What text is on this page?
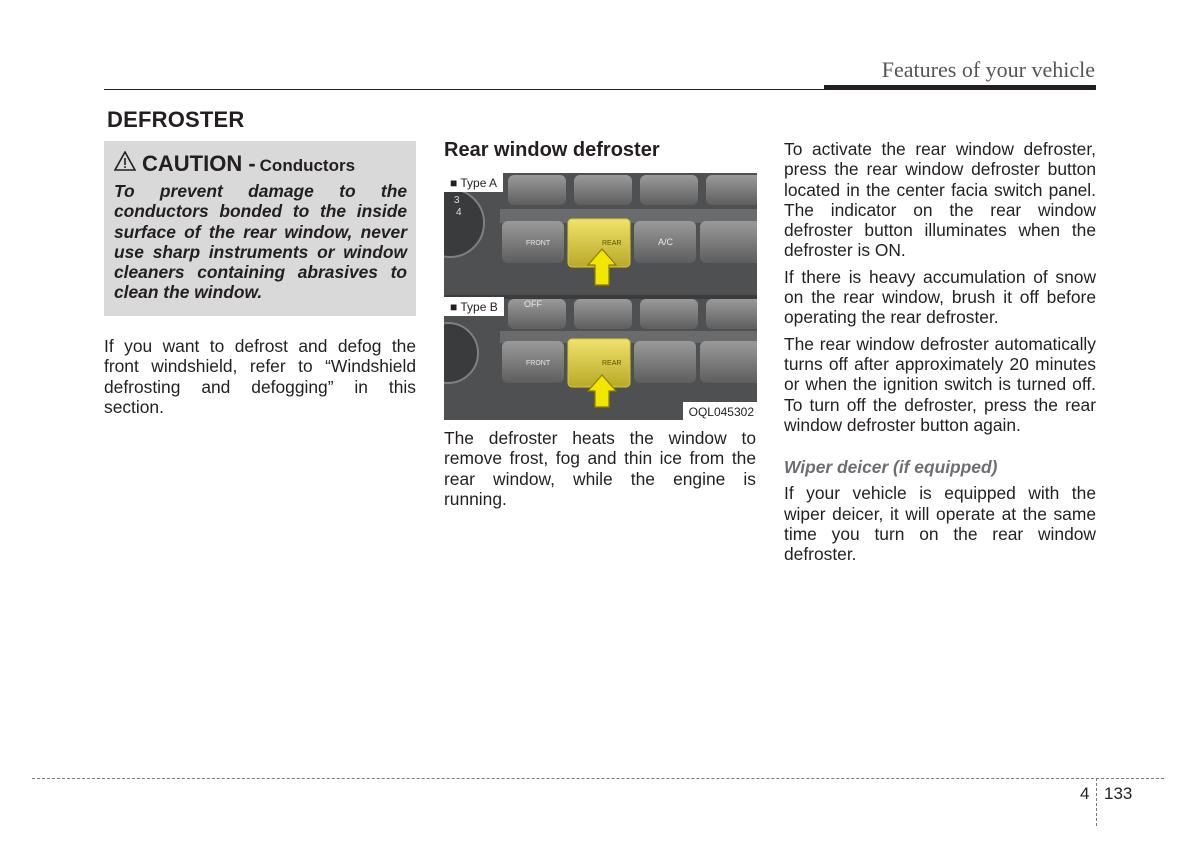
Features of your vehicle
DEFROSTER
CAUTION - Conductors
To prevent damage to the conductors bonded to the inside surface of the rear window, never use sharp instruments or window cleaners containing abrasives to clean the window.
If you want to defrost and defog the front windshield, refer to “Windshield defrosting and defogging” in this section.
Rear window defroster
3
4
FRONT	REAR	A/C
OFF
FRONT	REAR
■ Type A
■ Type B
OQL045302
The defroster heats the window to remove frost, fog and thin ice from the rear window, while the engine is running.

To activate the rear window defroster, press the rear window defroster button located in the center facia switch panel. The indicator on the rear window defroster button illuminates when the defroster is ON.

If there is heavy accumulation of snow on the rear window, brush it off before operating the rear defroster.

The rear window defroster automatically turns off after approximately 20 minutes or when the ignition switch is turned off. To turn off the defroster, press the rear window defroster button again.

Wiper deicer (if equipped)

If your vehicle is equipped with the wiper deicer, it will operate at the same time you turn on the rear window defroster.

4 133
